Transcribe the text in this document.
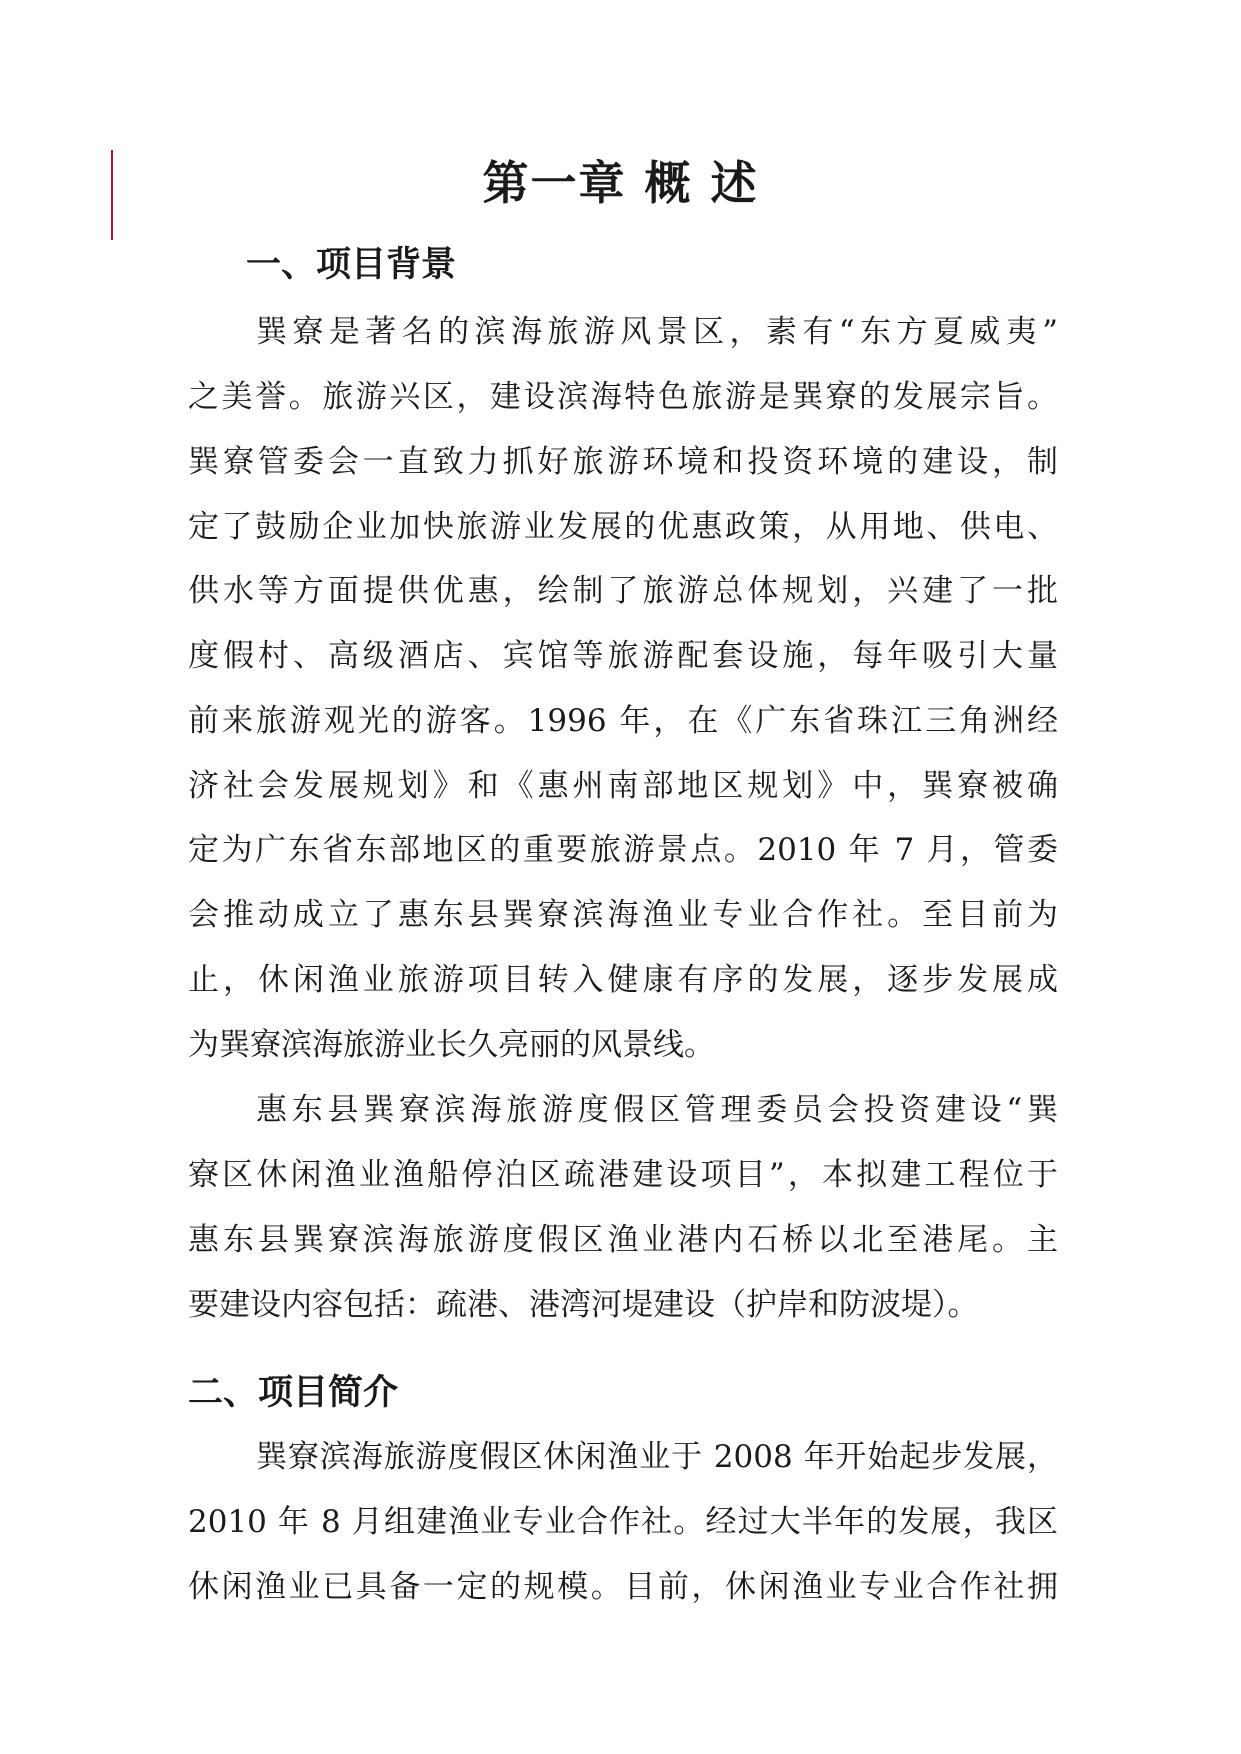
第一章 概 述
一、项目背景
巽寮是著名的滨海旅游风景区，素有“东方夏威夷”
之美誉。旅游兴区，建设滨海特色旅游是巽寮的发展宗旨。
巽寮管委会一直致力抓好旅游环境和投资环境的建设，制
定了鼓励企业加快旅游业发展的优惠政策，从用地、供电、
供水等方面提供优惠，绘制了旅游总体规划，兴建了一批
度假村、高级酒店、宾馆等旅游配套设施，每年吸引大量
前来旅游观光的游客。1996 年，在《广东省珠江三角洲经
济社会发展规划》和《惠州南部地区规划》中，巽寮被确
定为广东省东部地区的重要旅游景点。2010 年 7 月，管委
会推动成立了惠东县巽寮滨海渔业专业合作社。至目前为
止，休闲渔业旅游项目转入健康有序的发展，逐步发展成
为巽寮滨海旅游业长久亮丽的风景线。
惠东县巽寮滨海旅游度假区管理委员会投资建设“巽
寮区休闲渔业渔船停泊区疏港建设项目”，本拟建工程位于
惠东县巽寮滨海旅游度假区渔业港内石桥以北至港尾。主
要建设内容包括：疏港、港湾河堤建设（护岸和防波堤）。
二、项目简介
巽寮滨海旅游度假区休闲渔业于 2008 年开始起步发展，
2010 年 8 月组建渔业专业合作社。经过大半年的发展，我区
休闲渔业已具备一定的规模。目前，休闲渔业专业合作社拥
